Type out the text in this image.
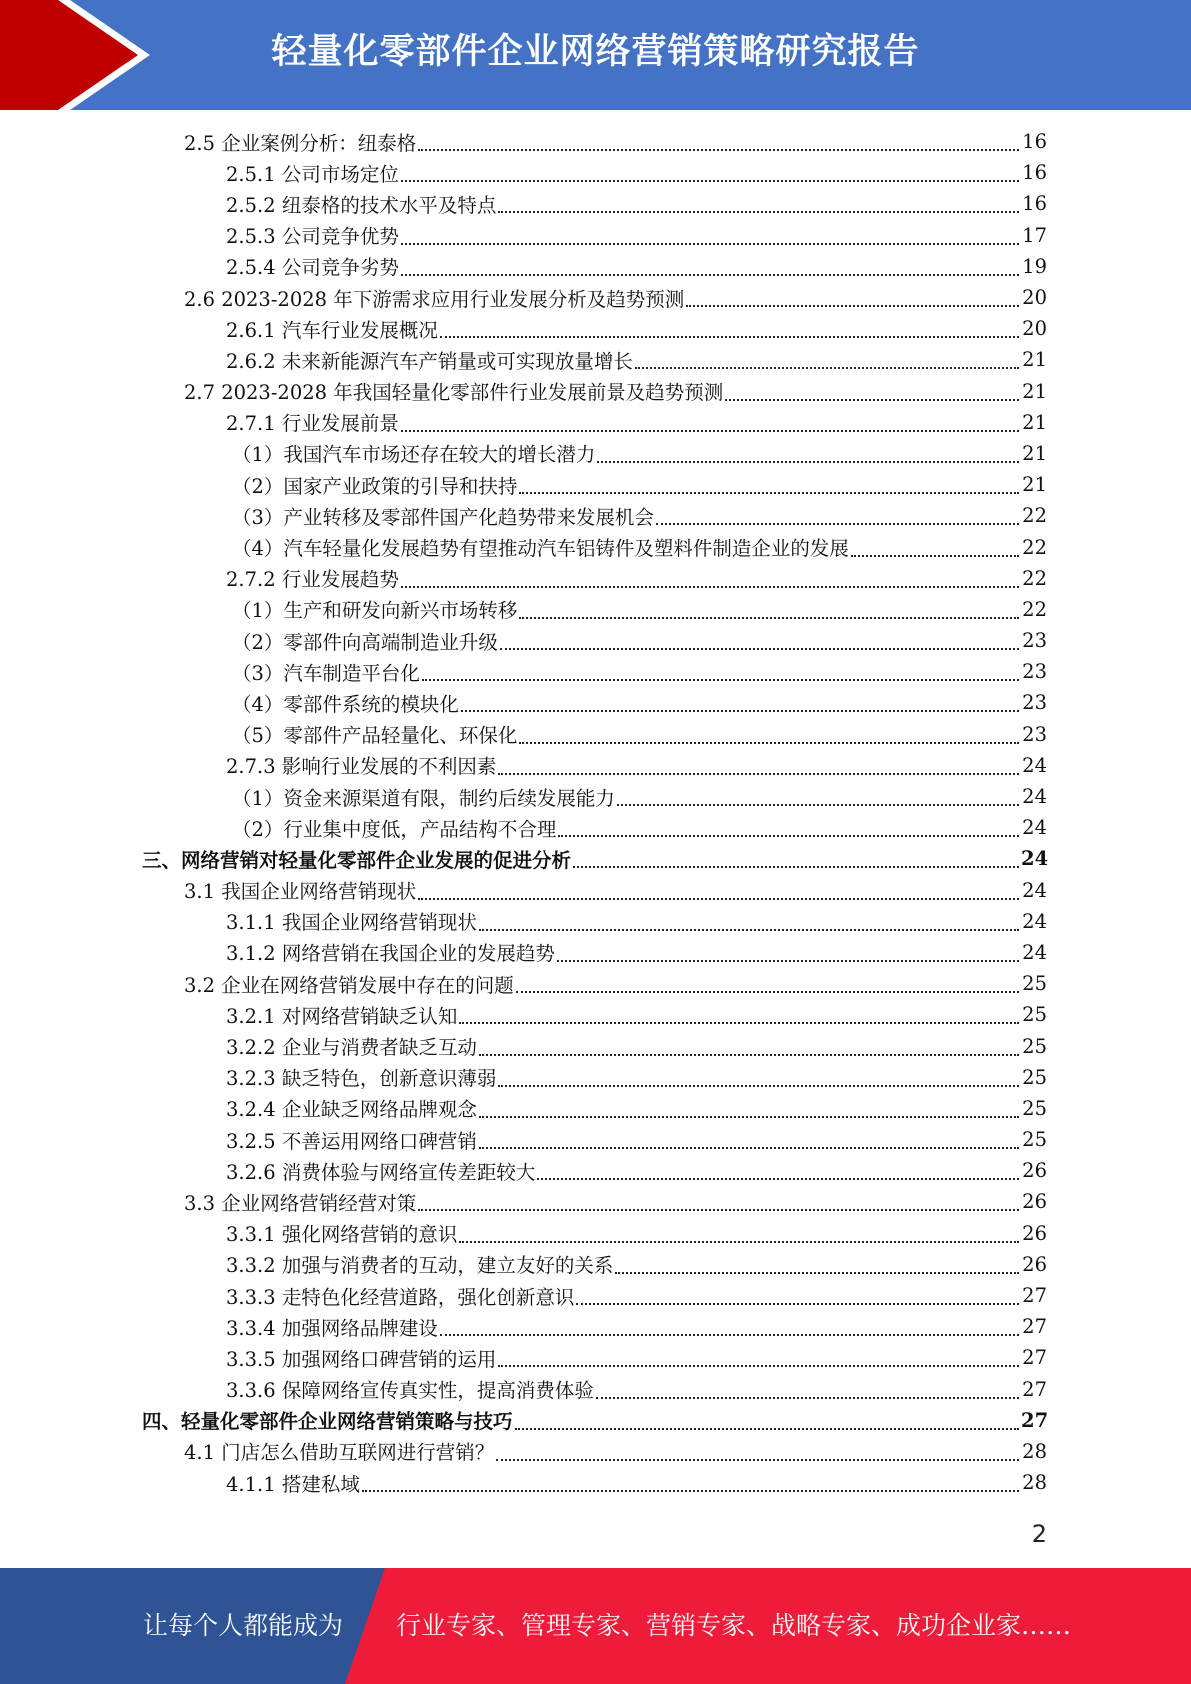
轻量化零部件企业网络营销策略研究报告
2.5 企业案例分析：纽泰格	16
2.5.1 公司市场定位	16
2.5.2 纽泰格的技术水平及特点	16
2.5.3 公司竞争优势	17
2.5.4 公司竞争劣势	19
2.6 2023-2028 年下游需求应用行业发展分析及趋势预测	20
2.6.1 汽车行业发展概况	20
2.6.2 未来新能源汽车产销量或可实现放量增长	21
2.7 2023-2028 年我国轻量化零部件行业发展前景及趋势预测	21
2.7.1 行业发展前景	21
（1）我国汽车市场还存在较大的增长潜力	21
（2）国家产业政策的引导和扶持	21
（3）产业转移及零部件国产化趋势带来发展机会	22
（4）汽车轻量化发展趋势有望推动汽车铝铸件及塑料件制造企业的发展	22
2.7.2 行业发展趋势	22
（1）生产和研发向新兴市场转移	22
（2）零部件向高端制造业升级	23
（3）汽车制造平台化	23
（4）零部件系统的模块化	23
（5）零部件产品轻量化、环保化	23
2.7.3 影响行业发展的不利因素	24
（1）资金来源渠道有限，制约后续发展能力	24
（2）行业集中度低，产品结构不合理	24
三、网络营销对轻量化零部件企业发展的促进分析	24
3.1 我国企业网络营销现状	24
3.1.1 我国企业网络营销现状	24
3.1.2 网络营销在我国企业的发展趋势	24
3.2 企业在网络营销发展中存在的问题	25
3.2.1 对网络营销缺乏认知	25
3.2.2 企业与消费者缺乏互动	25
3.2.3 缺乏特色，创新意识薄弱	25
3.2.4 企业缺乏网络品牌观念	25
3.2.5 不善运用网络口碑营销	25
3.2.6 消费体验与网络宣传差距较大	26
3.3 企业网络营销经营对策	26
3.3.1 强化网络营销的意识	26
3.3.2 加强与消费者的互动，建立友好的关系	26
3.3.3 走特色化经营道路，强化创新意识	27
3.3.4 加强网络品牌建设	27
3.3.5 加强网络口碑营销的运用	27
3.3.6 保障网络宣传真实性，提高消费体验	27
四、轻量化零部件企业网络营销策略与技巧	27
4.1 门店怎么借助互联网进行营销？	28
4.1.1 搭建私域	28
2
让每个人都能成为 行业专家、管理专家、营销专家、战略专家、成功企业家……
